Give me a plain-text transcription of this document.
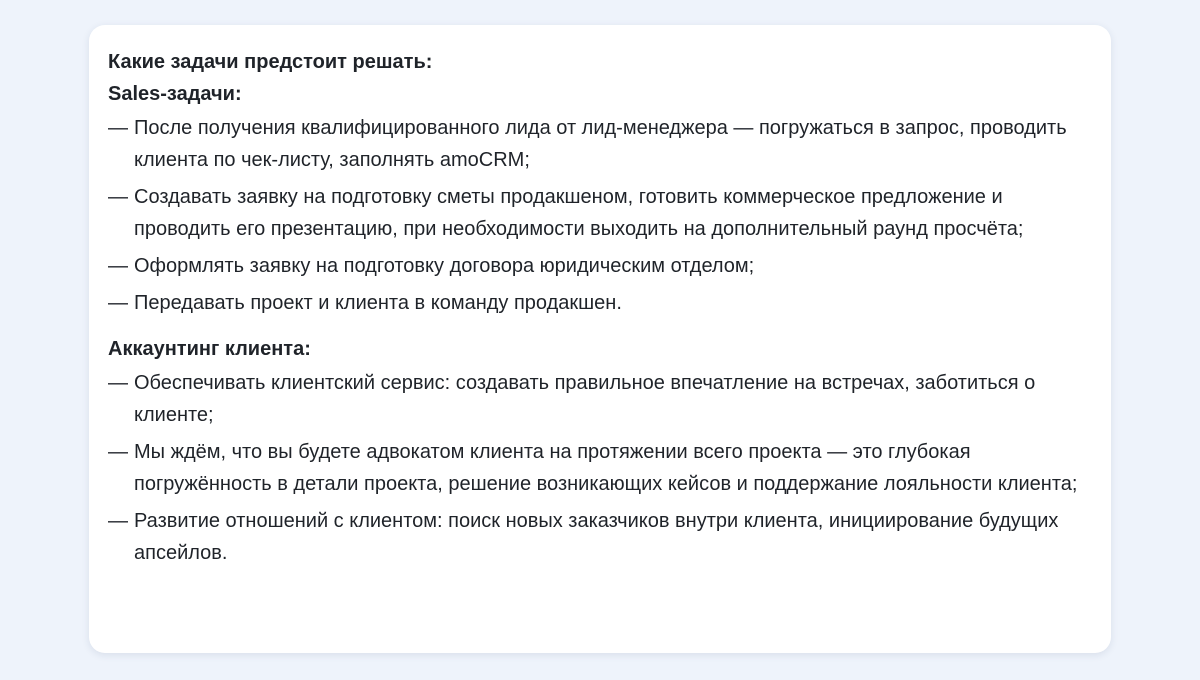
Какие задачи предстоит решать:

Sales-задачи:

— После получения квалифицированного лида от лид-менеджера — погружаться в запрос, проводить клиента по чек-листу, заполнять amoCRM;
— Создавать заявку на подготовку сметы продакшеном, готовить коммерческое предложение и проводить его презентацию, при необходимости выходить на дополнительный раунд просчёта;
— Оформлять заявку на подготовку договора юридическим отделом;
— Передавать проект и клиента в команду продакшен.

Аккаунтинг клиента:

— Обеспечивать клиентский сервис: создавать правильное впечатление на встречах, заботиться о клиенте;
— Мы ждём, что вы будете адвокатом клиента на протяжении всего проекта — это глубокая погружённость в детали проекта, решение возникающих кейсов и поддержание лояльности клиента;
— Развитие отношений с клиентом: поиск новых заказчиков внутри клиента, инициирование будущих апсейлов.
